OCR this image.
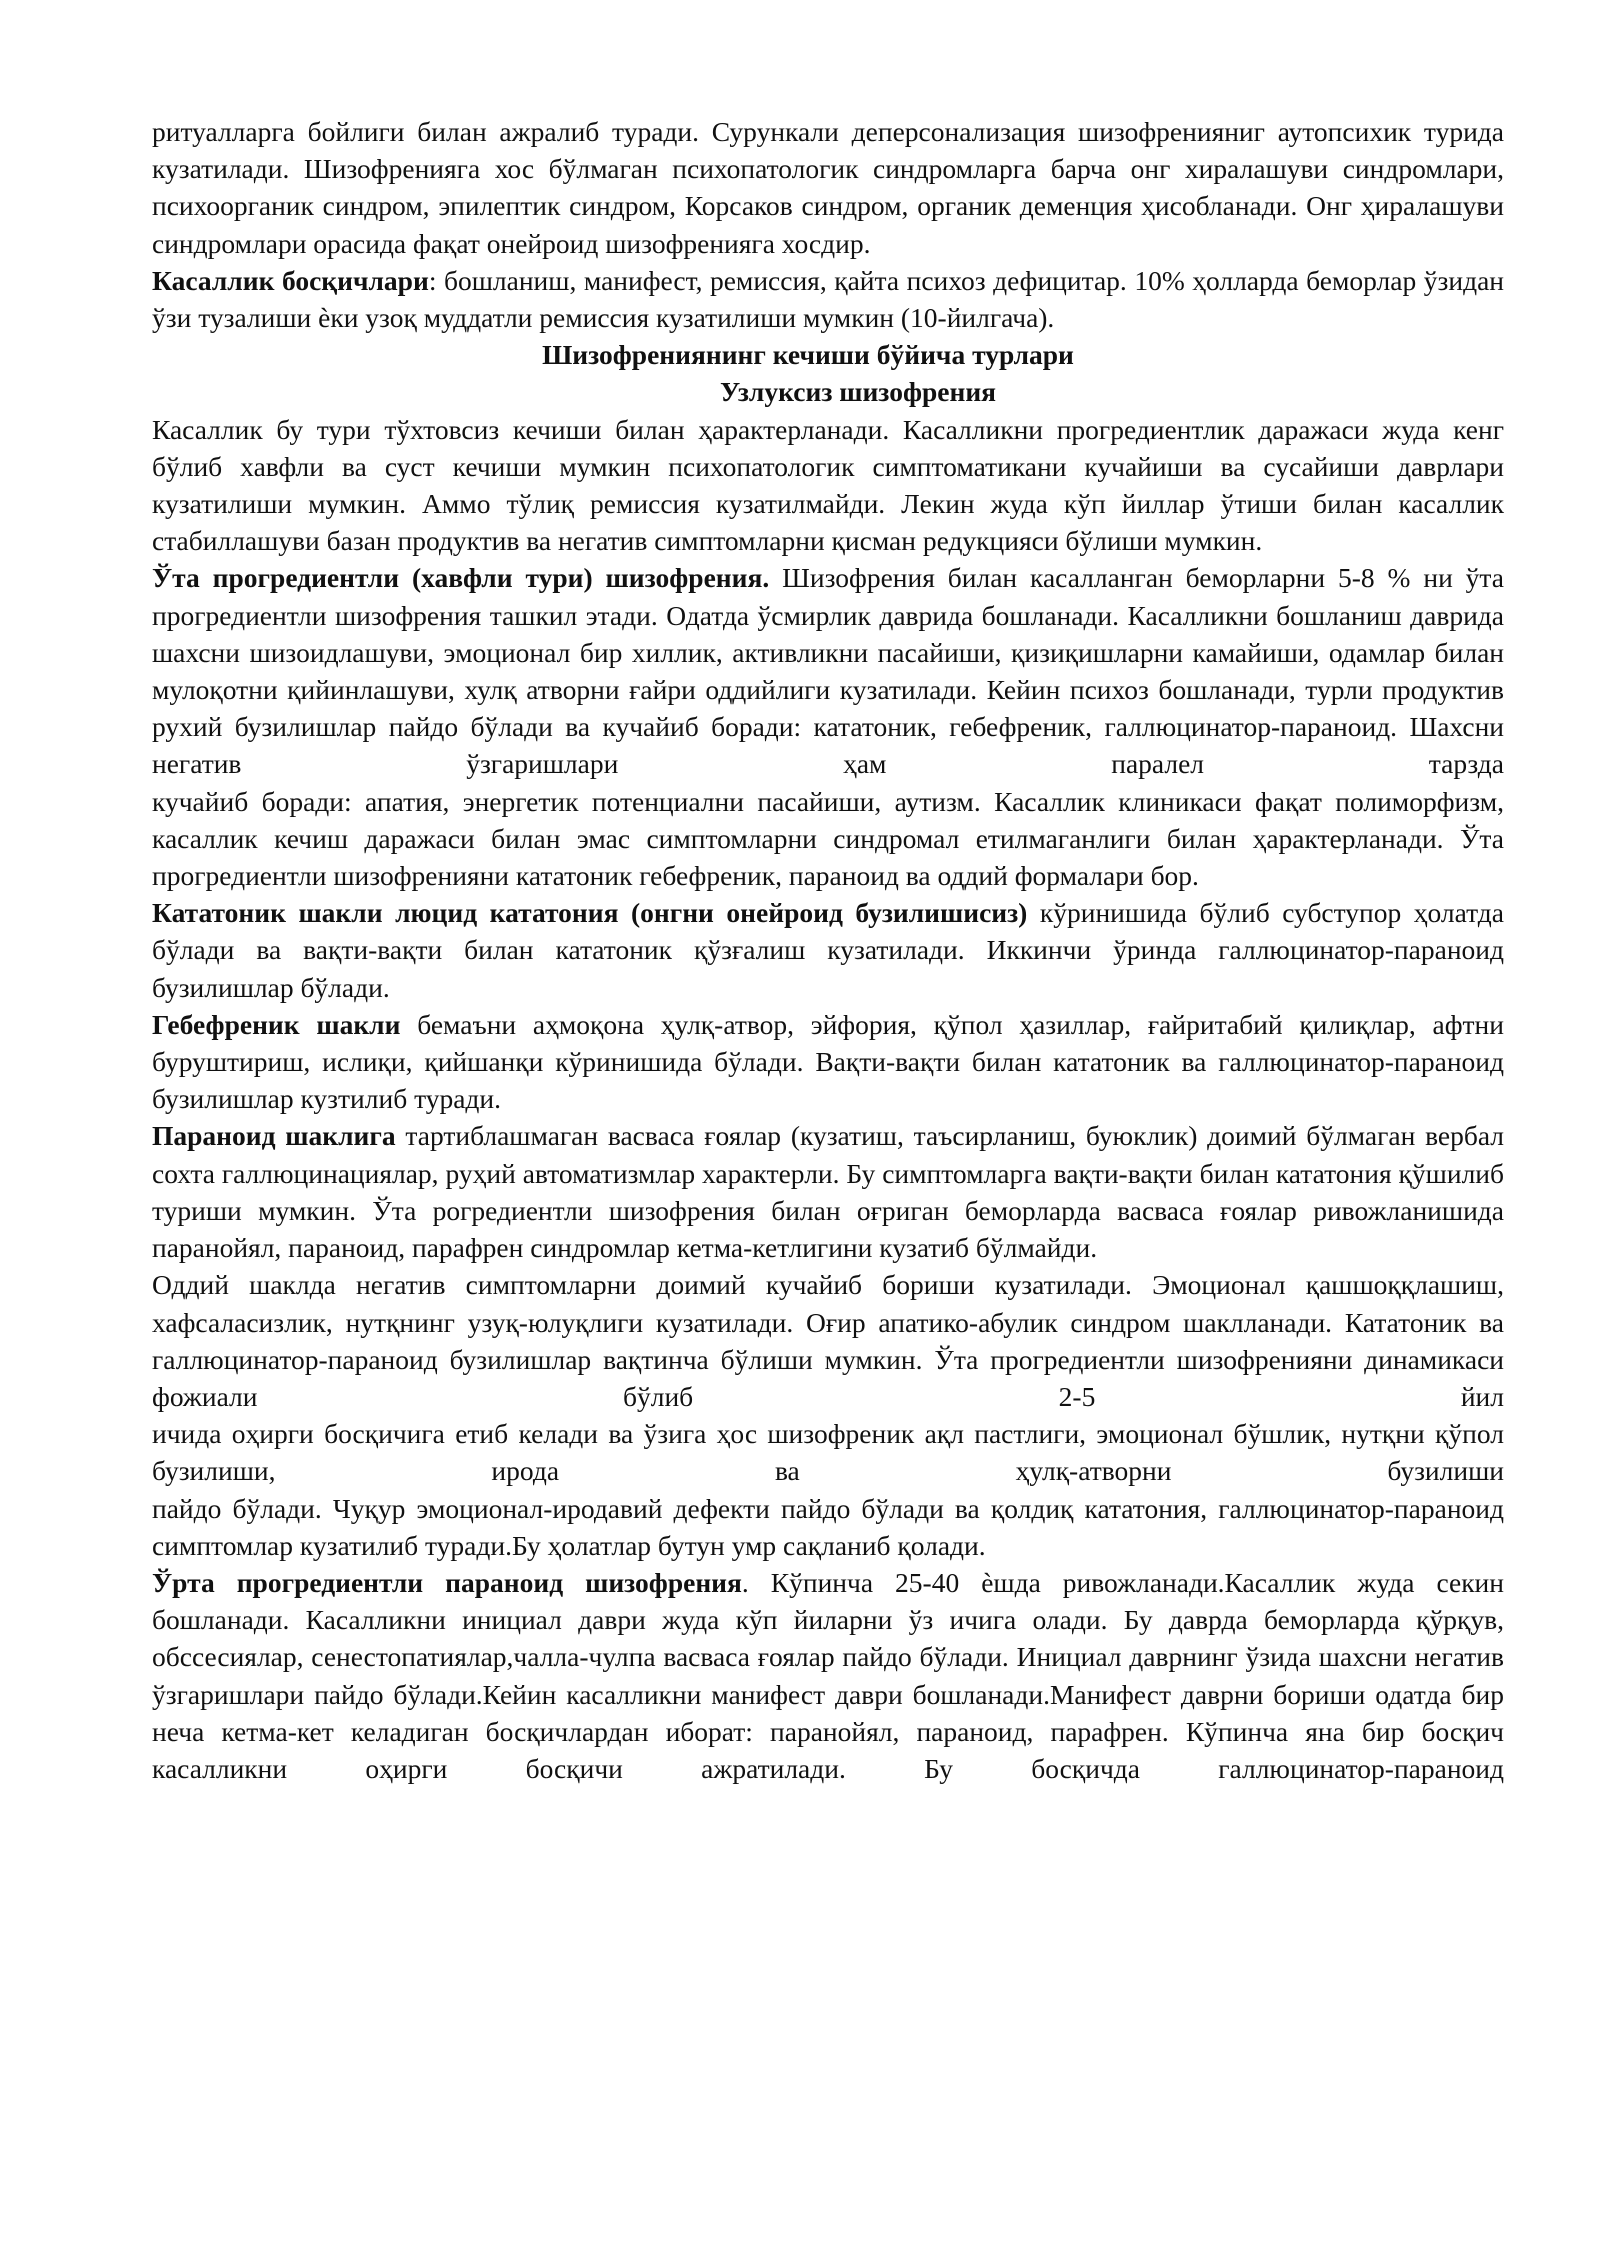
ритуалларга бойлиги билан ажралиб туради. Сурункали деперсонализация шизофренияниг аутопсихик турида кузатилади. Шизофренияга хос бўлмаган психопатологик синдромларга барча онг хиралашуви синдромлари, психоорганик синдром, эпилептик синдром, Корсаков синдром, органик деменция ҳисобланади. Онг ҳиралашуви синдромлари орасида фақат онейроид шизофренияга хосдир.

Касаллик босқичлари: бошланиш, манифест, ремиссия, қайта психоз дефицитар. 10% ҳолларда беморлар ўзидан ўзи тузалиши ѐки узоқ муддатли ремиссия кузатилиши мумкин (10-йилгача).

Шизофрениянинг кечиши бўйича турлари

Узлуксиз шизофрения

Касаллик бу тури тўхтовсиз кечиши билан ҳарактерланади. Касалликни прогредиентлик даражаси жуда кенг бўлиб хавфли ва суст кечиши мумкин психопатологик симптоматикани кучайиши ва сусайиши даврлари кузатилиши мумкин. Аммо тўлиқ ремиссия кузатилмайди. Лекин жуда кўп йиллар ўтиши билан касаллик стабиллашуви базан продуктив ва негатив симптомларни қисман редукцияси бўлиши мумкин.

Ўта прогредиентли (хавфли тури) шизофрения. Шизофрения билан касалланган беморларни 5-8 % ни ўта прогредиентли шизофрения ташкил этади. Одатда ўсмирлик даврида бошланади. Касалликни бошланиш даврида шахсни шизоидлашуви, эмоционал бир хиллик, активликни пасайиши, қизиқишларни камайиши, одамлар билан мулоқотни қийинлашуви, хулқ атворни ғайри оддийлиги кузатилади. Кейин психоз бошланади, турли продуктив рухий бузилишлар пайдо бўлади ва кучайиб боради: кататоник, гебефреник, галлюцинатор-параноид. Шахсни негатив ўзгаришлари ҳам паралел тарзда

кучайиб боради: апатия, энергетик потенциални пасайиши, аутизм. Касаллик клиникаси фақат полиморфизм, касаллик кечиш даражаси билан эмас симптомларни синдромал етилмаганлиги билан ҳарактерланади. Ўта прогредиентли шизофренияни кататоник гебефреник, параноид ва оддий формалари бор.

Кататоник шакли люцид кататония (онгни онейроид бузилишисиз) кўринишида бўлиб субступор ҳолатда бўлади ва вақти-вақти билан кататоник қўзғалиш кузатилади. Иккинчи ўринда галлюцинатор-параноид бузилишлар бўлади.

Гебефреник шакли бемаъни аҳмоқона ҳулқ-атвор, эйфория, қўпол ҳазиллар, ғайритабий қилиқлар, афтни буруштириш, ислиқи, қийшанқи кўринишида бўлади. Вақти-вақти билан кататоник ва галлюцинатор-параноид бузилишлар кузтилиб туради.

Параноид шаклига тартиблашмаган васваса ғоялар (кузатиш, таъсирланиш, буюклик) доимий бўлмаган вербал сохта галлюцинациялар, руҳий автоматизмлар характерли. Бу симптомларга вақти-вақти билан кататония қўшилиб туриши мумкин. Ўта рогредиентли шизофрения билан оғриган беморларда васваса ғоялар ривожланишида паранойял, параноид, парафрен синдромлар кетма-кетлигини кузатиб бўлмайди.

Оддий шаклда негатив симптомларни доимий кучайиб бориши кузатилади. Эмоционал қашшоққлашиш, хафсаласизлик, нутқнинг узуқ-юлуқлиги кузатилади. Оғир апатико-абулик синдром шаклланади. Кататоник ва галлюцинатор-параноид бузилишлар вақтинча бўлиши мумкин. Ўта прогредиентли шизофренияни динамикаси фожиали бўлиб 2-5 йил

ичида оҳирги босқичига етиб келади ва ўзига ҳос шизофреник ақл пастлиги, эмоционал бўшлик, нутқни қўпол бузилиши, ирода ва ҳулқ-атворни бузилиши

пайдо бўлади. Чуқур эмоционал-иродавий дефекти пайдо бўлади ва қолдиқ кататония, галлюцинатор-параноид симптомлар кузатилиб туради.Бу ҳолатлар бутун умр сақланиб қолади.

Ўрта прогредиентли параноид шизофрения. Кўпинча 25-40 ѐшда ривожланади.Касаллик жуда секин бошланади. Касалликни инициал даври жуда кўп йиларни ўз ичига олади. Бу даврда беморларда қўрқув, обссесиялар, сенестопатиялар,чалла-чулпа васваса ғоялар пайдо бўлади. Инициал даврнинг ўзида шахсни негатив ўзгаришлари пайдо бўлади.Кейин касалликни манифест даври бошланади.Манифест даврни бориши одатда бир неча кетма-кет келадиган босқичлардан иборат: паранойял, параноид, парафрен. Кўпинча яна бир босқич касалликни оҳирги босқичи ажратилади. Бу босқичда галлюцинатор-параноид
